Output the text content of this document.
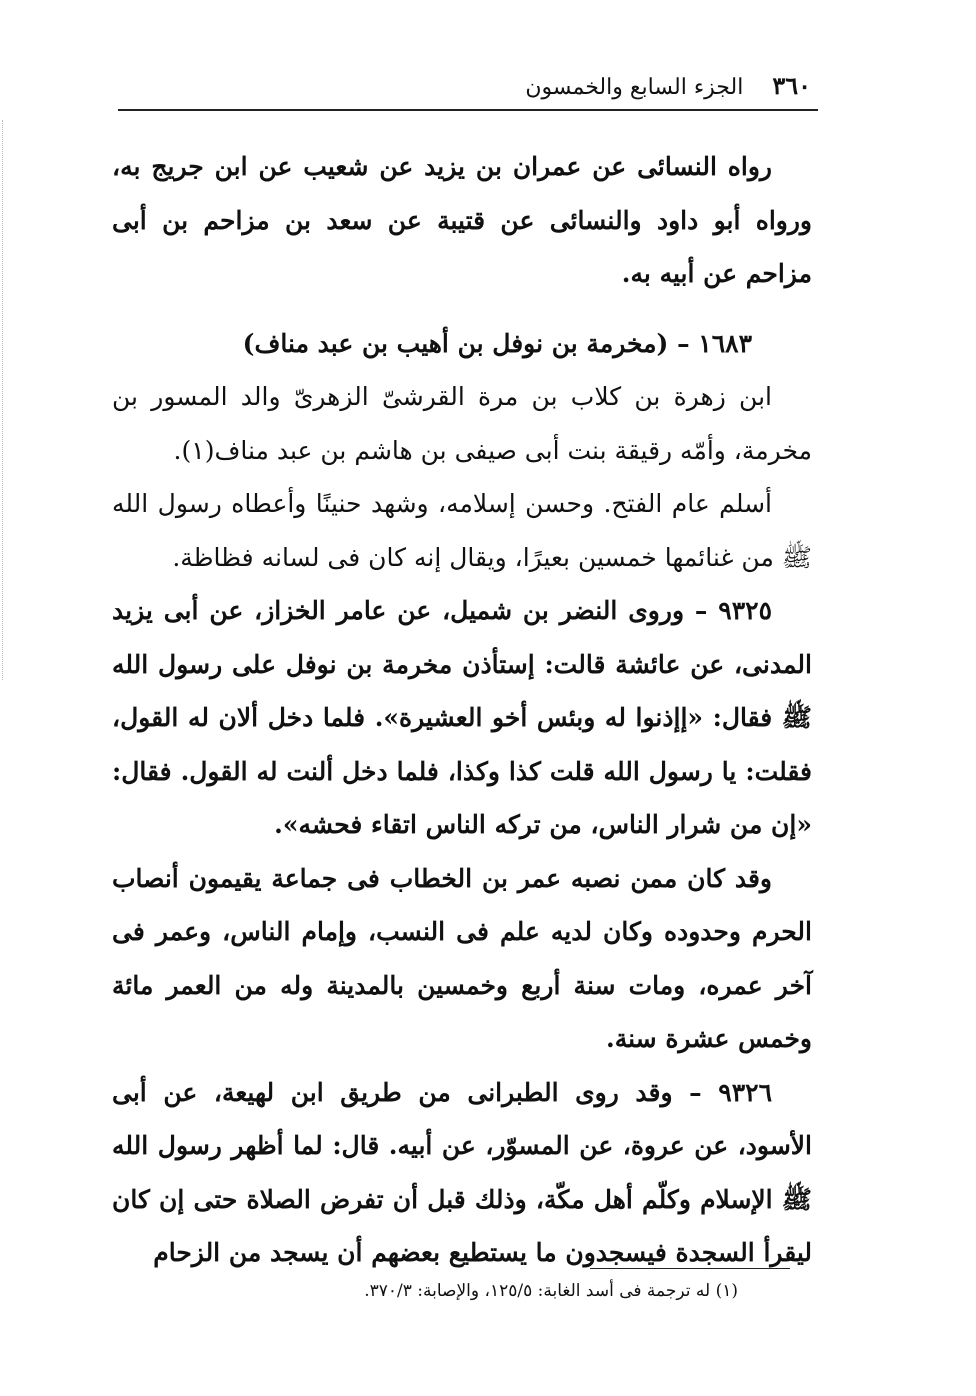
٣٦٠ الجزء السابع والخمسون

رواه النسائى عن عمران بن يزيد عن شعيب عن ابن جريج به، ورواه أبو داود والنسائى عن قتيبة عن سعد بن مزاحم بن أبى مزاحم عن أبيه به.

١٦٨٣ – (مخرمة بن نوفل بن أهيب بن عبد مناف)

ابن زهرة بن كلاب بن مرة القرشىّ الزهرىّ والد المسور بن مخرمة، وأمّه رقيقة بنت أبى صيفى بن هاشم بن عبد مناف(١).

أسلم عام الفتح. وحسن إسلامه، وشهد حنينًا وأعطاه رسول الله ﷺ من غنائمها خمسين بعيرًا، ويقال إنه كان فى لسانه فظاظة.

٩٣٢٥ – وروى النضر بن شميل، عن عامر الخزاز، عن أبى يزيد المدنى، عن عائشة قالت: إستأذن مخرمة بن نوفل على رسول الله ﷺ فقال: «إإذنوا له وبئس أخو العشيرة». فلما دخل ألان له القول، فقلت: يا رسول الله قلت كذا وكذا، فلما دخل ألنت له القول. فقال: «إن من شرار الناس، من تركه الناس اتقاء فحشه».

وقد كان ممن نصبه عمر بن الخطاب فى جماعة يقيمون أنصاب الحرم وحدوده وكان لديه علم فى النسب، وإمام الناس، وعمر فى آخر عمره، ومات سنة أربع وخمسين بالمدينة وله من العمر مائة وخمس عشرة سنة.

٩٣٢٦ – وقد روى الطبرانى من طريق ابن لهيعة، عن أبى الأسود، عن عروة، عن المسوّر، عن أبيه. قال: لما أظهر رسول الله ﷺ الإسلام وكلّم أهل مكّة، وذلك قبل أن تفرض الصلاة حتى إن كان ليقرأ السجدة فيسجدون ما يستطيع بعضهم أن يسجد من الزحام

(١) له ترجمة فى أسد الغابة: ١٢٥/٥، والإصابة: ٣٧٠/٣.
